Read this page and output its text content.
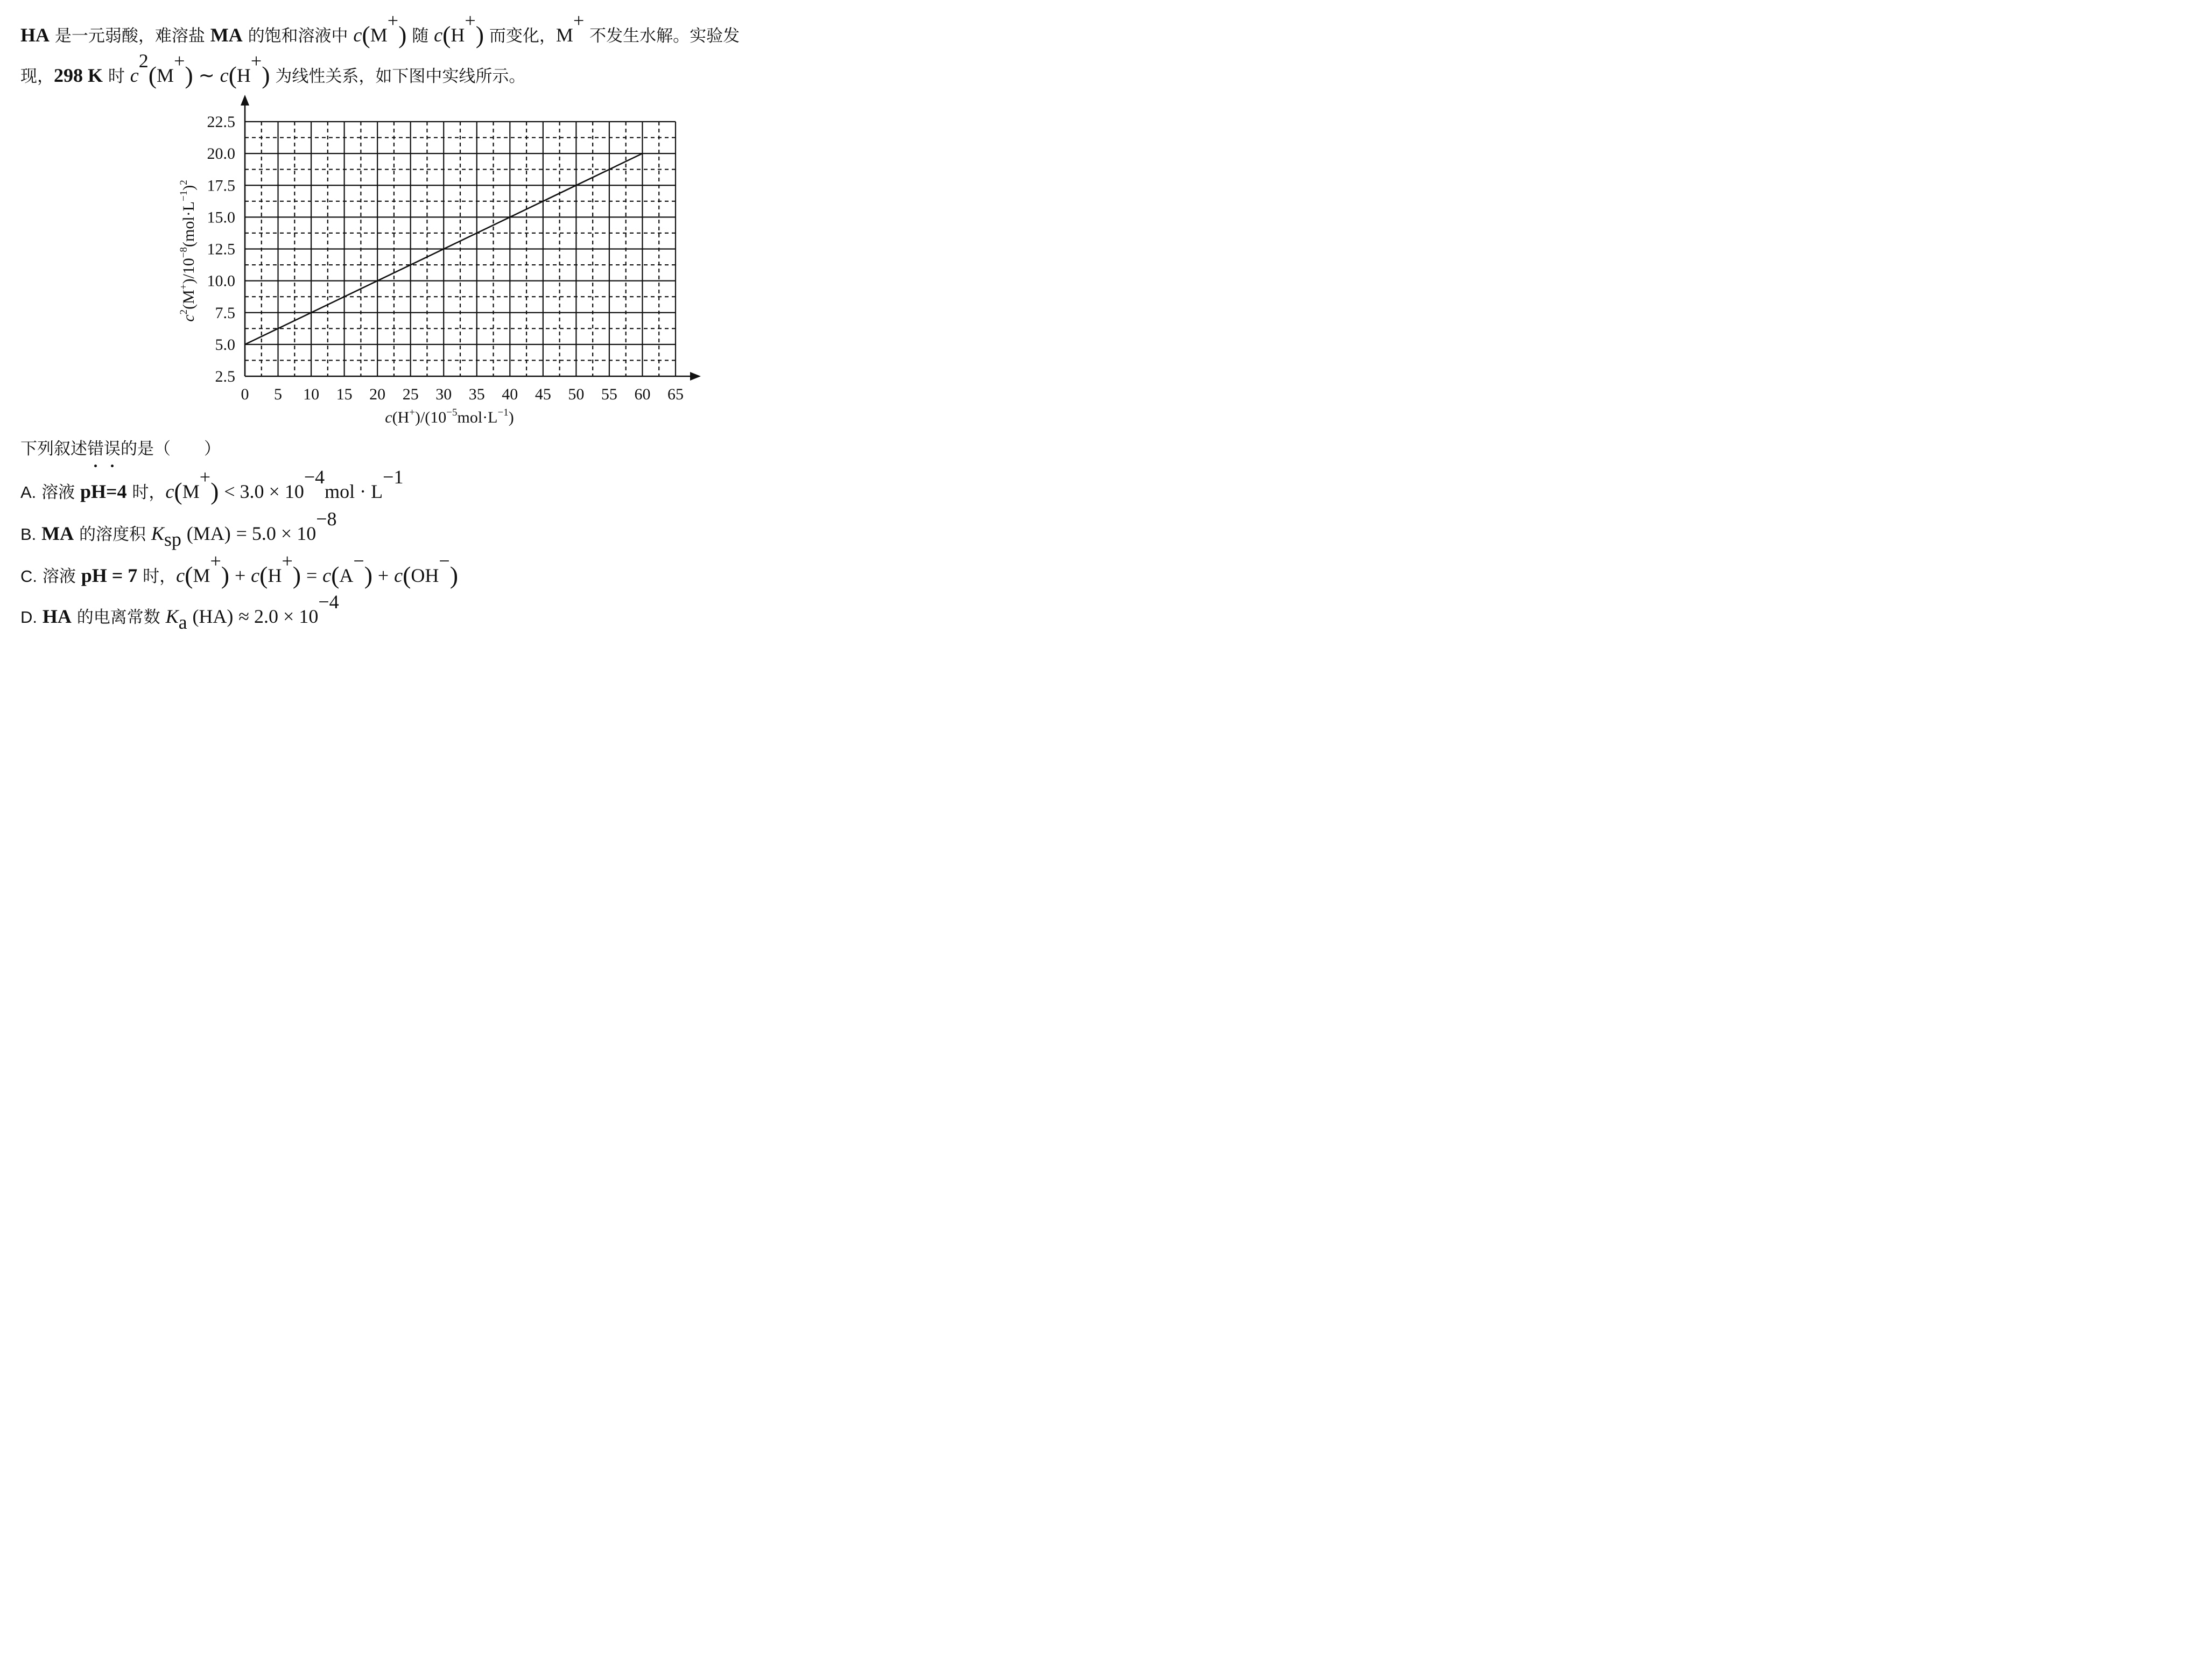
HA 是一元弱酸，难溶盐 MA 的饱和溶液中 c(M+) 随 c(H+) 而变化，M+ 不发生水解。实验发
现，298 K 时 $c^2(M^+)$ ∼ c(H+) 为线性关系，如下图中实线所示。
0 5 10 15 20 25 30 35 40 45 50 55 60 65
2.5
5.0
7.5
10.0
12.5
15.0
17.5
20.0
22.5
$c(H^+)/(10^{-5}mol\cdot L^{-1})$
$c^2(M^+)/10^{-8}(mol\cdot L^{-1})^2$
下列叙述错误的是（　　）
A. 溶液 pH=4 时，$c(M^+) < 3.0 \times 10^{-4}mol \cdot L^{-1}$
B. MA 的溶度积 $K_{sp}$ $(MA) = 5.0 \times 10^{-8}$
C. 溶液 pH = 7 时，c(M+) + c(H+) = c(A−) + c(OH−)
D. HA 的电离常数 $K_a$ $(HA) \approx 2.0 \times 10^{-4}$
